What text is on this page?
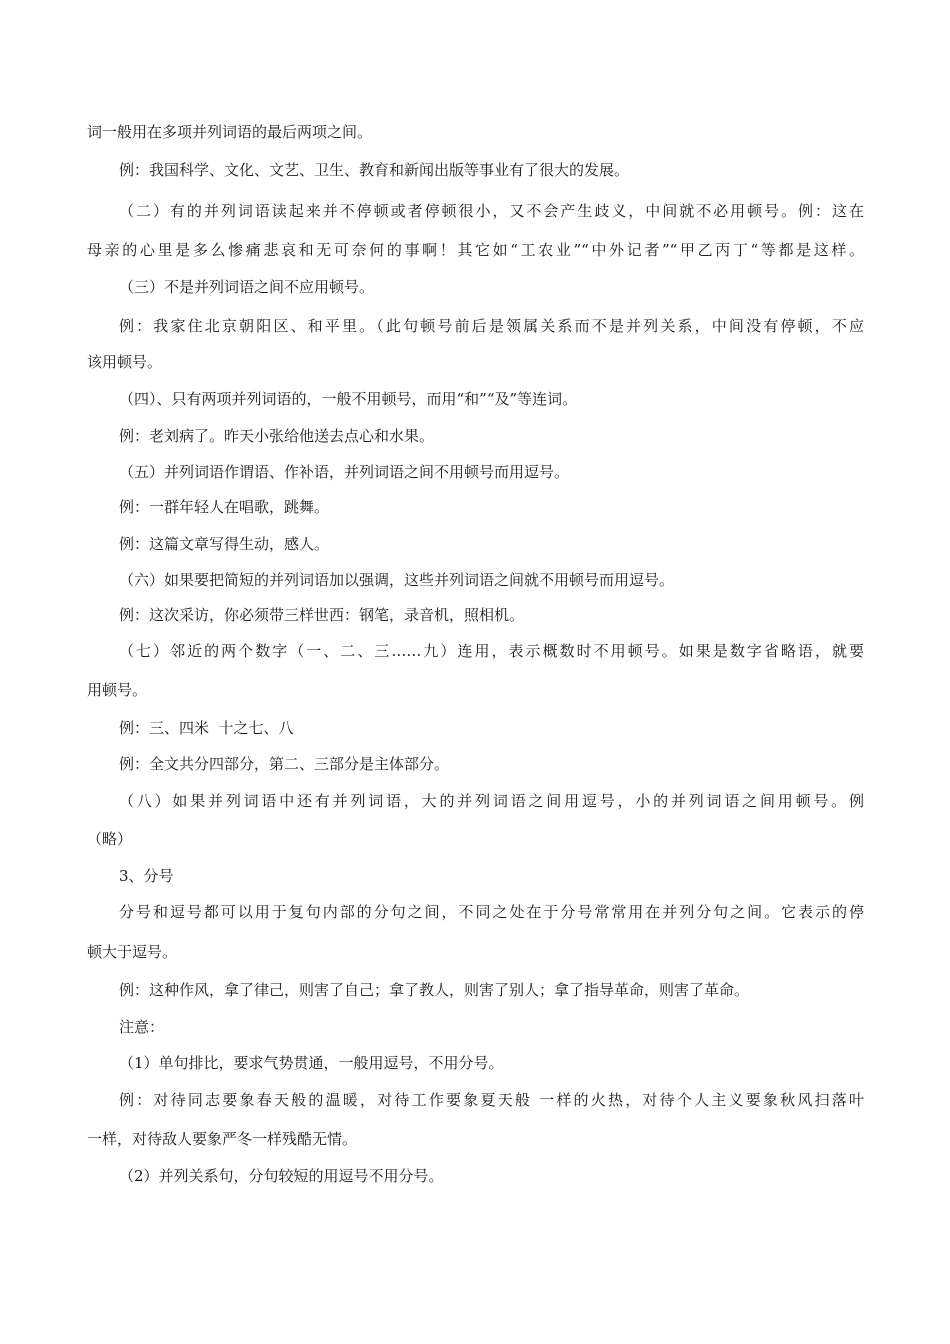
词一般用在多项并列词语的最后两项之间。
例：我国科学、文化、文艺、卫生、教育和新闻出版等事业有了很大的发展。
（二）有的并列词语读起来并不停顿或者停顿很小，又不会产生歧义，中间就不必用顿号。例：这在
母亲的心里是多么惨痛悲哀和无可奈何的事啊！其它如“工农业”“中外记者”“甲乙丙丁“等都是这样。
（三）不是并列词语之间不应用顿号。
例：我家住北京朝阳区、和平里。（此句顿号前后是领属关系而不是并列关系，中间没有停顿，不应
该用顿号。
（四）、只有两项并列词语的，一般不用顿号，而用“和”“及”等连词。
例：老刘病了。昨天小张给他送去点心和水果。
（五）并列词语作谓语、作补语，并列词语之间不用顿号而用逗号。
例：一群年轻人在唱歌，跳舞。
例：这篇文章写得生动，感人。
（六）如果要把简短的并列词语加以强调，这些并列词语之间就不用顿号而用逗号。
例：这次采访，你必须带三样世西：钢笔，录音机，照相机。
（七）邻近的两个数字（一、二、三……九）连用，表示概数时不用顿号。如果是数字省略语，就要
用顿号。
例：三、四米  十之七、八
例：全文共分四部分，第二、三部分是主体部分。
（八）如果并列词语中还有并列词语，大的并列词语之间用逗号，小的并列词语之间用顿号。例
（略）
3、分号
分号和逗号都可以用于复句内部的分句之间，不同之处在于分号常常用在并列分句之间。它表示的停
顿大于逗号。
例：这种作风，拿了律己，则害了自己；拿了教人，则害了别人；拿了指导革命，则害了革命。
注意：
（1）单句排比，要求气势贯通，一般用逗号，不用分号。
例：对待同志要象春天般的温暖，对待工作要象夏天般 一样的火热，对待个人主义要象秋风扫落叶
一样，对待敌人要象严冬一样残酷无情。
（2）并列关系句，分句较短的用逗号不用分号。
